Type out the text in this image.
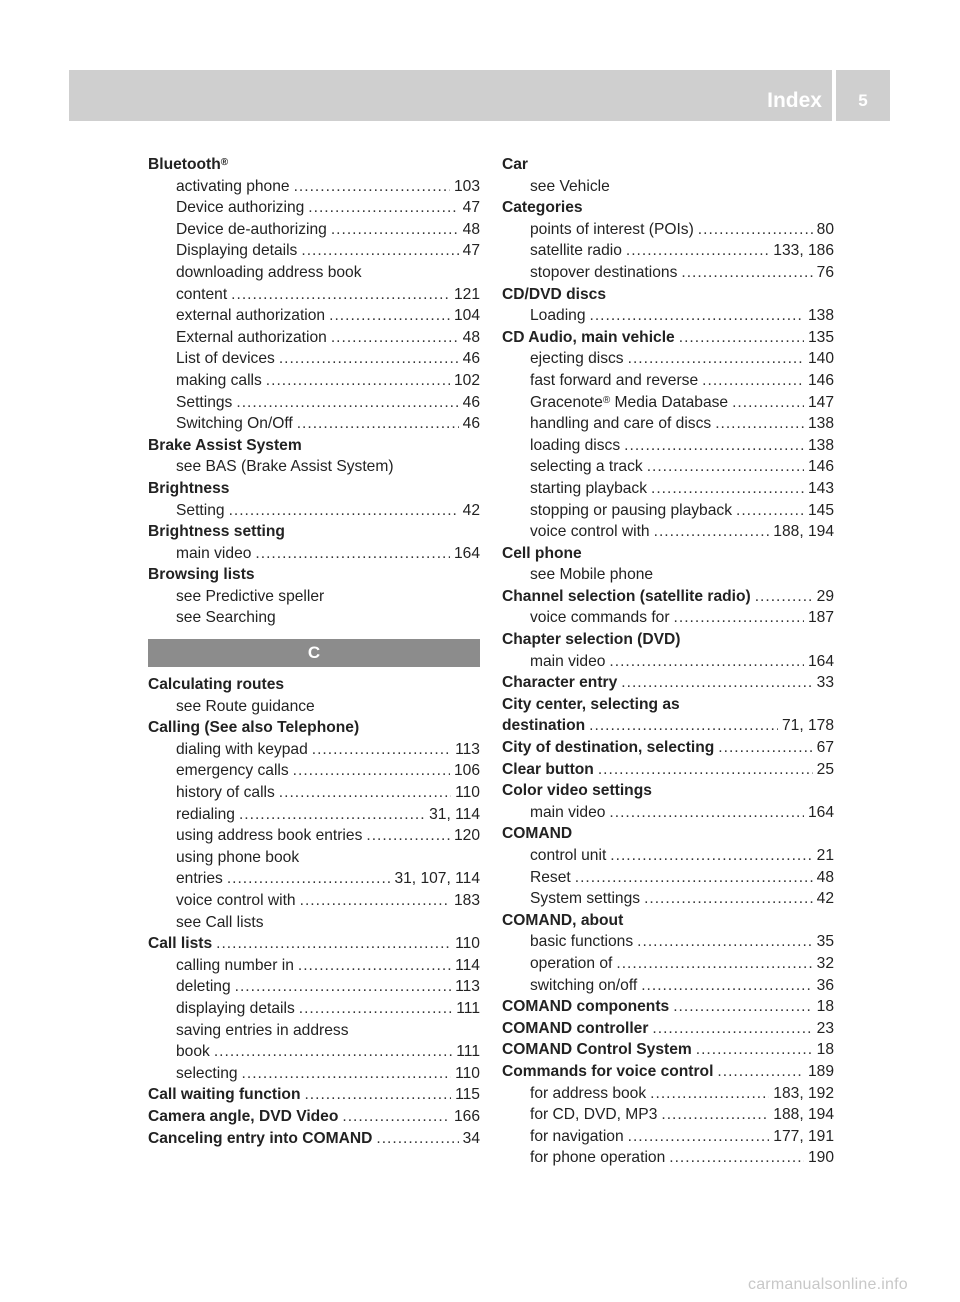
Index	5
Bluetooth®
activating phone .....	103
Device authorizing .....	47
Device de-authorizing .....	48
Displaying details .....	47
downloading address book
content .....	121
external authorization .....	104
External authorization .....	48
List of devices .....	46
making calls .....	102
Settings .....	46
Switching On/Off .....	46
Brake Assist System
see BAS (Brake Assist System)
Brightness
Setting .....	42
Brightness setting
main video .....	164
Browsing lists
see Predictive speller
see Searching
C
Calculating routes
see Route guidance
Calling (See also Telephone)
dialing with keypad .....	113
emergency calls .....	106
history of calls .....	110
redialing .....	31, 114
using address book entries .....	120
using phone book
entries .....	31, 107, 114
voice control with .....	183
see Call lists
Call lists .....	110
calling number in .....	114
deleting .....	113
displaying details .....	111
saving entries in address
book .....	111
selecting .....	110
Call waiting function .....	115
Camera angle, DVD Video .....	166
Canceling entry into COMAND .....	34
Car
see Vehicle
Categories
points of interest (POIs) .....	80
satellite radio .....	133, 186
stopover destinations .....	76
CD/DVD discs
Loading .....	138
CD Audio, main vehicle .....	135
ejecting discs .....	140
fast forward and reverse .....	146
Gracenote® Media Database .....	147
handling and care of discs .....	138
loading discs .....	138
selecting a track .....	146
starting playback .....	143
stopping or pausing playback .....	145
voice control with .....	188, 194
Cell phone
see Mobile phone
Channel selection (satellite radio) .....	29
voice commands for .....	187
Chapter selection (DVD)
main video .....	164
Character entry .....	33
City center, selecting as
destination .....	71, 178
City of destination, selecting .....	67
Clear button .....	25
Color video settings
main video .....	164
COMAND
control unit .....	21
Reset .....	48
System settings .....	42
COMAND, about
basic functions .....	35
operation of .....	32
switching on/off .....	36
COMAND components .....	18
COMAND controller .....	23
COMAND Control System .....	18
Commands for voice control .....	189
for address book .....	183, 192
for CD, DVD, MP3 .....	188, 194
for navigation .....	177, 191
for phone operation .....	190
carmanualsonline.info
